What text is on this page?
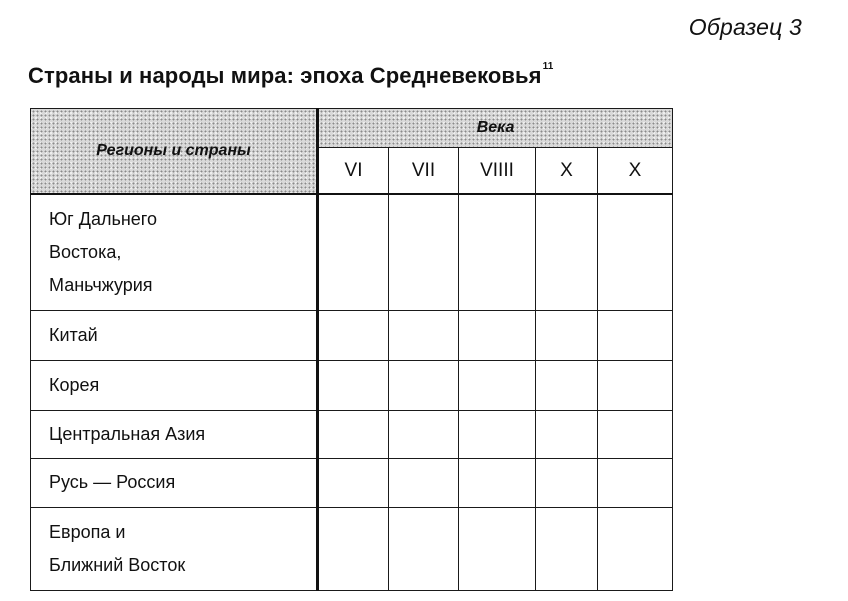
Образец 3
Страны и народы мира: эпоха Средневековья$^{11}$
Регионы и страны	Века				
	VI	VII	VIIII	X	X

Юг Дальнего
Востока,
Маньчжурия					

Китай					

Корея					

Центральная Азия					

Русь — Россия					

Европа и
Ближний Восток					
